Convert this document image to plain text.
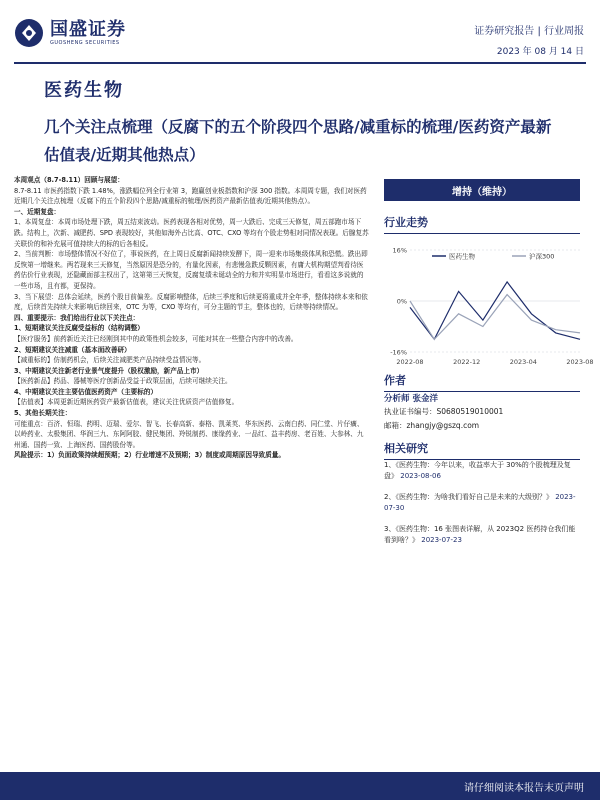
国盛证券
GUOSHENG SECURITIES
证券研究报告 | 行业周报
2023 年 08 月 14 日
医药生物
几个关注点梳理（反腐下的五个阶段四个思路/减重标的梳理/医药资产最新估值表/近期其他热点）

本周观点（8.7-8.11）回顾与展望：

8.7-8.11 市医药指数下跌 1.48%，涨跌幅位列全行业第 3，跑赢创业板指数和沪深 300 指数。本周周专题，我们对医药近期几个关注点梳理（反腐下的五个阶段四个思路/减重标的梳理/医药资产最新估值表/近期其他热点）。

一、近期复盘：

1、本周复盘：本周市场处理下跌，周五结束波动。医药表现各相对优势，周一大跌后、完成三天修复，周五部跑市场下跌。结构上，次新、减肥药、SPD 表现较好，其他如海外占比高、OTC、CXO 等均有个股走势相对同情况表现。后腺复苏关联价的和补充展可值持续大的标的后各相反。

2、当前判断：市场整体情况不好位了，事说医药，在上周日反腐新闻持续发酵下，周一迎来市场集级体风和恐慌。跌出即反恢第一增继来。两若现来三天修复，当然原因是恐分的，有量化因素，有悲慢急跌反颗因素，有庸大机构期望判看待医药估价行业表现，还隐藏面部主权出了，这第第三天恢复，反腐复绩未诞动全的力和并实明显市场进行，看看这多说就的一些市场，且有都，更保持。

3、当下展望：总体会延续，医药个股目前偏差。反腐影响整体，后续三季度和后续更将重成并全年季，整体持续本来和依度，后续首先持续大来影响后续回来，OTC 为等，CXO 等均有，可分主题的节主，整体也的，后续等持续情况。

四、重要提示：我们给出行业以下关注点：

1、短期建议关注反腐受益标的（结构调整）

【医疗服务】前药新近关注已经刚到其中的政策性机会较多，可能对其在一些整合内容中的改善。

2、短期建议关注减重（基本面改善研）

【减重标的】仿制药机会，后续关注减肥类产品持续受益情况等。

3、中期建议关注新老行业景气度提升（股权激励，新产品上市）

【医药新品】药品、器械等医疗创新品受益于政策层面，后续可继续关注。

4、中期建议关注主要估值医药资产（主要标的）

【估值表】本周更新近期医药资产最新估值表，建议关注优质资产估值修复。

5、其他长期关注：

可能重点：百济、恒瑞、药明、迈瑞、爱尔、智飞、长春高新、泰格、凯莱英、华东医药、云南白药、同仁堂、片仔癀、以岭药业、太极集团、华润三九、东阿阿胶、健民集团、羚锐制药、康缘药业、一品红、益丰药房、老百姓、大参林、九州通、国药一致、上海医药、国药股份等。

风险提示：1）负面政策持续超预期；2）行业增速不及预期；3）制度或周期原因导致质量。

增持（维持）
行业走势
16%
0%
-16%
2022-08	2022-12	2023-04	2023-08
医药生物	沪深300
作者
分析师 张金洋
执业证书编号：S0680519010001
邮箱：zhangjy@gszq.com
相关研究
1、《医药生物：今年以来，收益率大于 30%的个股梳理及复盘》 2023-08-06
2、《医药生物：为啥我们看好自己是未来的大级别？》 2023-07-30
3、《医药生物：16 张图表详解，从 2023Q2 医药持仓我们能看到啥？》 2023-07-23
请仔细阅读本报告末页声明
